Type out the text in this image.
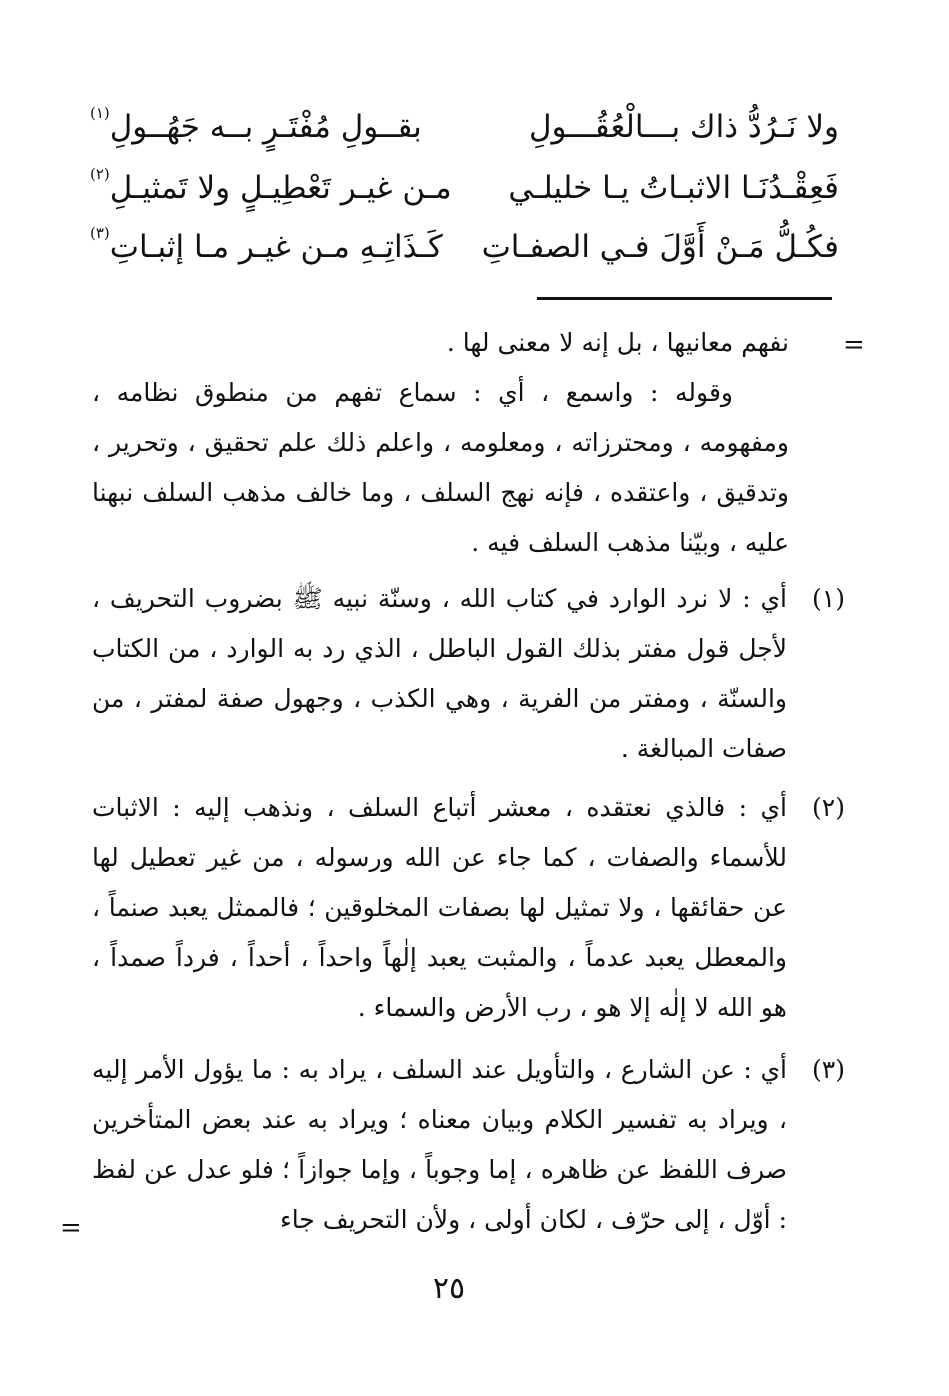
ولا نَـرُدُّ ذاك بـــالْعُقُـــولِ
بقــولِ مُفْتَـرٍ بــه جَهُــولِ$^{(١)}$
فَعِقْـدُنَـا الاثبـاتُ يـا خليلـي
مـن غيـر تَعْطِيـلٍ ولا تَمثيـلِ$^{(٢)}$
فكُـلُّ مَـنْ أَوَّلَ فـي الصفـاتِ
كَـذَاتِـهِ مـن غيـر مـا إثبـاتِ$^{(٣)}$
=
نفهم معانيها ، بل إنه لا معنى لها .
وقوله : واسمع ، أي : سماع تفهم من منطوق نظامه ، ومفهومه ، ومحترزاته ، ومعلومه ، واعلم ذلك علم تحقيق ، وتحرير ، وتدقيق ، واعتقده ، فإنه نهج السلف ، وما خالف مذهب السلف نبهنا عليه ، وبيّنا مذهب السلف فيه .
(١)
أي : لا نرد الوارد في كتاب الله ، وسنّة نبيه ﷺ بضروب التحريف ، لأجل قول مفتر بذلك القول الباطل ، الذي رد به الوارد ، من الكتاب والسنّة ، ومفتر من الفرية ، وهي الكذب ، وجهول صفة لمفتر ، من صفات المبالغة .
(٢)
أي : فالذي نعتقده ، معشر أتباع السلف ، ونذهب إليه : الاثبات للأسماء والصفات ، كما جاء عن الله ورسوله ، من غير تعطيل لها عن حقائقها ، ولا تمثيل لها بصفات المخلوقين ؛ فالممثل يعبد صنماً ، والمعطل يعبد عدماً ، والمثبت يعبد إلٰهاً واحداً ، أحداً ، فرداً صمداً ، هو الله لا إلٰه إلا هو ، رب الأرض والسماء .
(٣)
أي : عن الشارع ، والتأويل عند السلف ، يراد به : ما يؤول الأمر إليه ، ويراد به تفسير الكلام وبيان معناه ؛ ويراد به عند بعض المتأخرين صرف اللفظ عن ظاهره ، إما وجوباً ، وإما جوازاً ؛ فلو عدل عن لفظ : أوّل ، إلى حرّف ، لكان أولى ، ولأن التحريف جاء
=
٢٥
